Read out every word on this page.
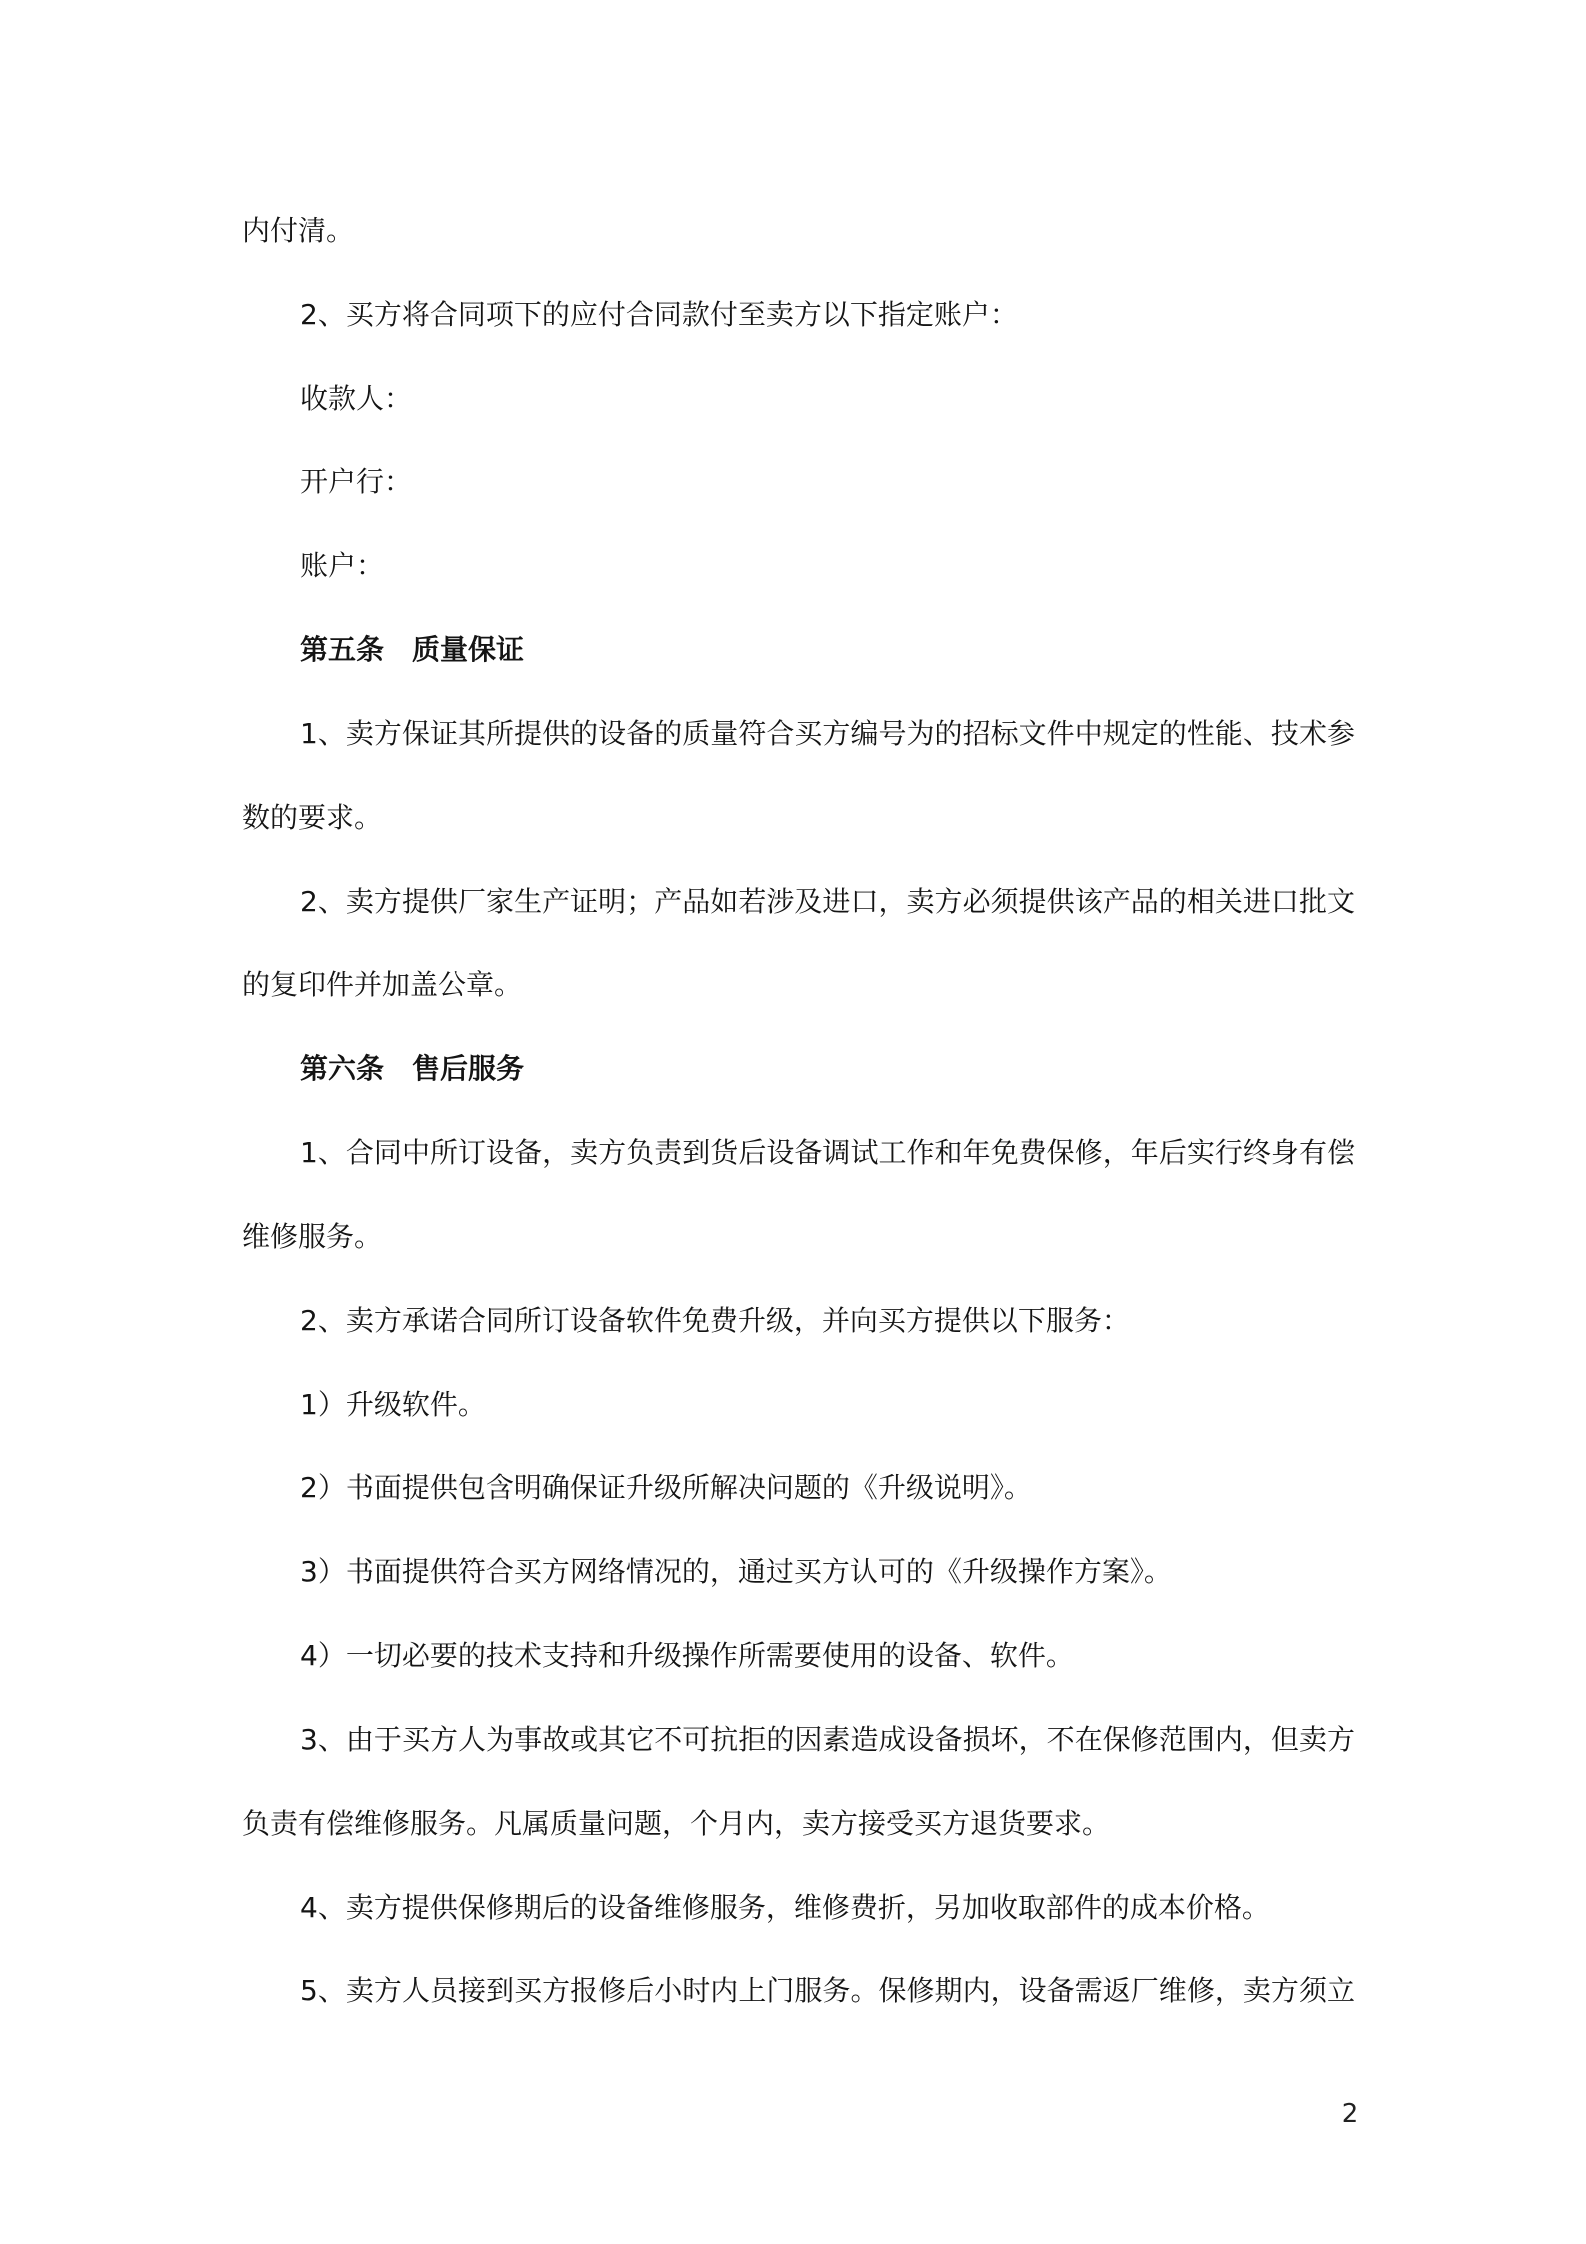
内付清。
2、买方将合同项下的应付合同款付至卖方以下指定账户：
收款人：
开户行：
账户：
第五条　质量保证
1、卖方保证其所提供的设备的质量符合买方编号为的招标文件中规定的性能、技术参
数的要求。
2、卖方提供厂家生产证明；产品如若涉及进口，卖方必须提供该产品的相关进口批文
的复印件并加盖公章。
第六条　售后服务
1、合同中所订设备，卖方负责到货后设备调试工作和年免费保修，年后实行终身有偿
维修服务。
2、卖方承诺合同所订设备软件免费升级，并向买方提供以下服务：
1）升级软件。
2）书面提供包含明确保证升级所解决问题的《升级说明》。
3）书面提供符合买方网络情况的，通过买方认可的《升级操作方案》。
4）一切必要的技术支持和升级操作所需要使用的设备、软件。
3、由于买方人为事故或其它不可抗拒的因素造成设备损坏，不在保修范围内，但卖方
负责有偿维修服务。凡属质量问题，个月内，卖方接受买方退货要求。
4、卖方提供保修期后的设备维修服务，维修费折，另加收取部件的成本价格。
5、卖方人员接到买方报修后小时内上门服务。保修期内，设备需返厂维修，卖方须立
2
